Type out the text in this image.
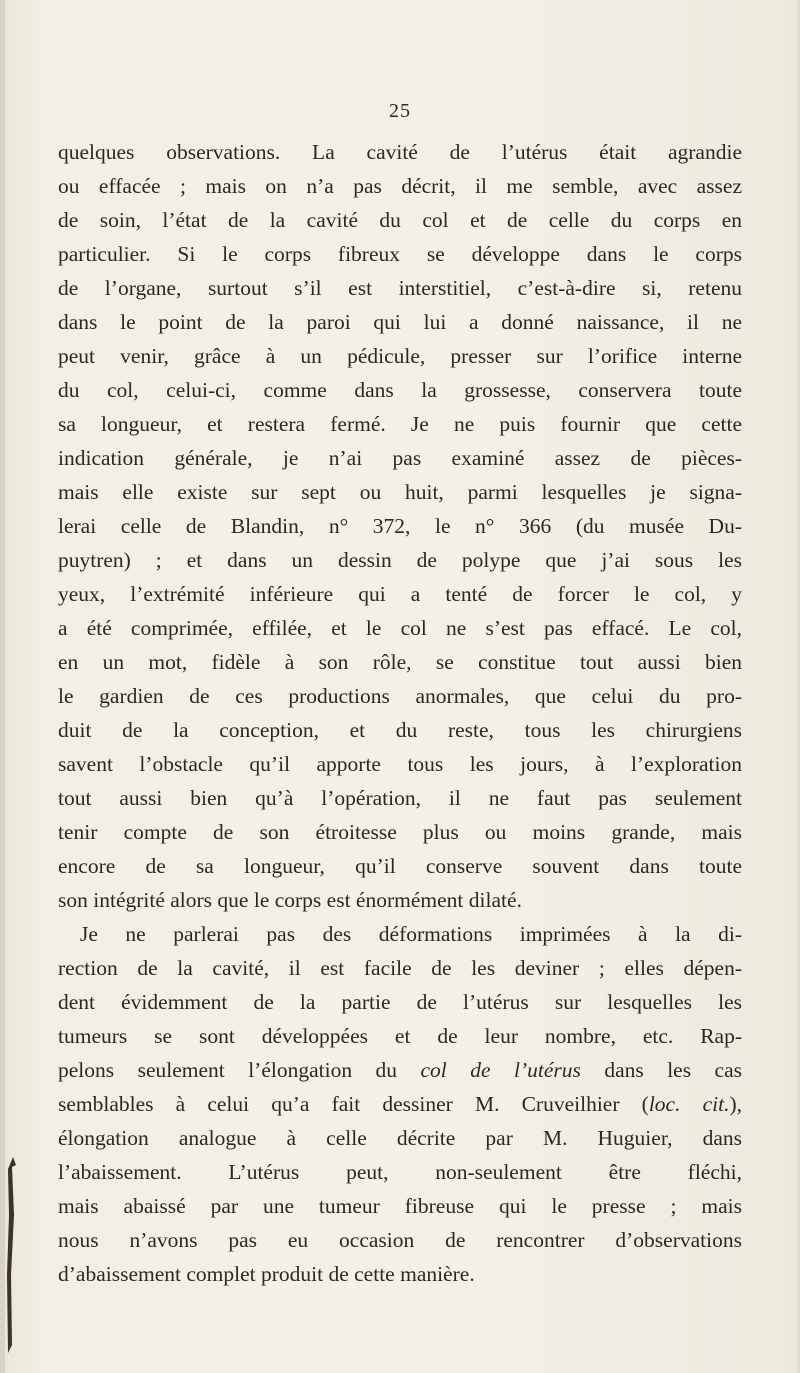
25
quelques observations. La cavité de l’utérus était agrandie
ou effacée ; mais on n’a pas décrit, il me semble, avec assez
de soin, l’état de la cavité du col et de celle du corps en
particulier. Si le corps fibreux se développe dans le corps
de l’organe, surtout s’il est interstitiel, c’est-à-dire si, retenu
dans le point de la paroi qui lui a donné naissance, il ne
peut venir, grâce à un pédicule, presser sur l’orifice interne
du col, celui-ci, comme dans la grossesse, conservera toute
sa longueur, et restera fermé. Je ne puis fournir que cette
indication générale, je n’ai pas examiné assez de pièces-
mais elle existe sur sept ou huit, parmi lesquelles je signa-
lerai celle de Blandin, n° 372, le n° 366 (du musée Du-
puytren) ; et dans un dessin de polype que j’ai sous les
yeux, l’extrémité inférieure qui a tenté de forcer le col, y
a été comprimée, effilée, et le col ne s’est pas effacé. Le col,
en un mot, fidèle à son rôle, se constitue tout aussi bien
le gardien de ces productions anormales, que celui du pro-
duit de la conception, et du reste, tous les chirurgiens
savent l’obstacle qu’il apporte tous les jours, à l’exploration
tout aussi bien qu’à l’opération, il ne faut pas seulement
tenir compte de son étroitesse plus ou moins grande, mais
encore de sa longueur, qu’il conserve souvent dans toute
son intégrité alors que le corps est énormément dilaté.
Je ne parlerai pas des déformations imprimées à la di-
rection de la cavité, il est facile de les deviner ; elles dépen-
dent évidemment de la partie de l’utérus sur lesquelles les
tumeurs se sont développées et de leur nombre, etc. Rap-
pelons seulement l’élongation du col de l’utérus dans les cas
semblables à celui qu’a fait dessiner M. Cruveilhier (loc. cit.),
élongation analogue à celle décrite par M. Huguier, dans
l’abaissement. L’utérus peut, non-seulement être fléchi,
mais abaissé par une tumeur fibreuse qui le presse ; mais
nous n’avons pas eu occasion de rencontrer d’observations
d’abaissement complet produit de cette manière.
